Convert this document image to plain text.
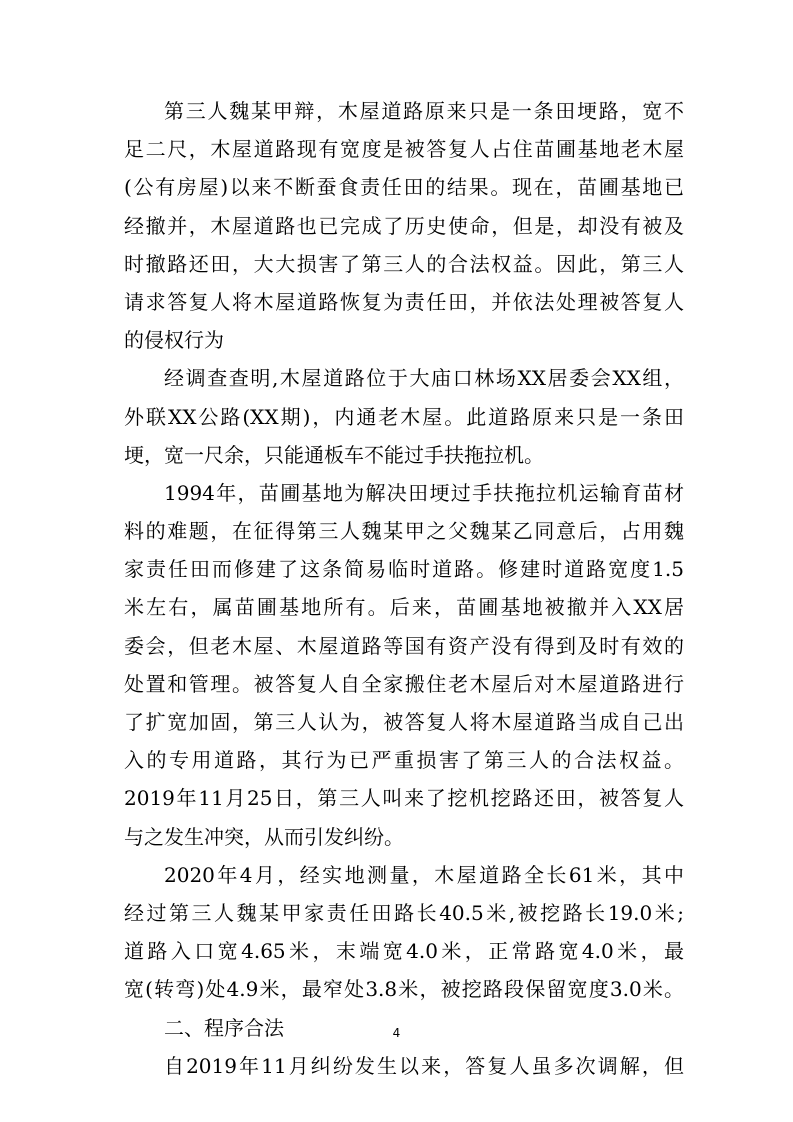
第三人魏某甲辩，木屋道路原来只是一条田埂路，宽不
足二尺，木屋道路现有宽度是被答复人占住苗圃基地老木屋
(公有房屋)以来不断蚕食责任田的结果。现在，苗圃基地已
经撤并，木屋道路也已完成了历史使命，但是，却没有被及
时撤路还田，大大损害了第三人的合法权益。因此，第三人
请求答复人将木屋道路恢复为责任田，并依法处理被答复人
的侵权行为
经调查查明,木屋道路位于大庙口林场XX居委会XX组，
外联XX公路(XX期)，内通老木屋。此道路原来只是一条田
埂，宽一尺余，只能通板车不能过手扶拖拉机。
1994年，苗圃基地为解决田埂过手扶拖拉机运输育苗材
料的难题，在征得第三人魏某甲之父魏某乙同意后，占用魏
家责任田而修建了这条简易临时道路。修建时道路宽度1.5
米左右，属苗圃基地所有。后来，苗圃基地被撤并入XX居
委会，但老木屋、木屋道路等国有资产没有得到及时有效的
处置和管理。被答复人自全家搬住老木屋后对木屋道路进行
了扩宽加固，第三人认为，被答复人将木屋道路当成自己出
入的专用道路，其行为已严重损害了第三人的合法权益。
2019年11月25日，第三人叫来了挖机挖路还田，被答复人
与之发生冲突，从而引发纠纷。
2020年4月，经实地测量，木屋道路全长61米，其中
经过第三人魏某甲家责任田路长40.5米,被挖路长19.0米;
道路入口宽4.65米，末端宽4.0米，正常路宽4.0米，最
宽(转弯)处4.9米，最窄处3.8米，被挖路段保留宽度3.0米。
二、程序合法
自2019年11月纠纷发生以来，答复人虽多次调解，但
4
